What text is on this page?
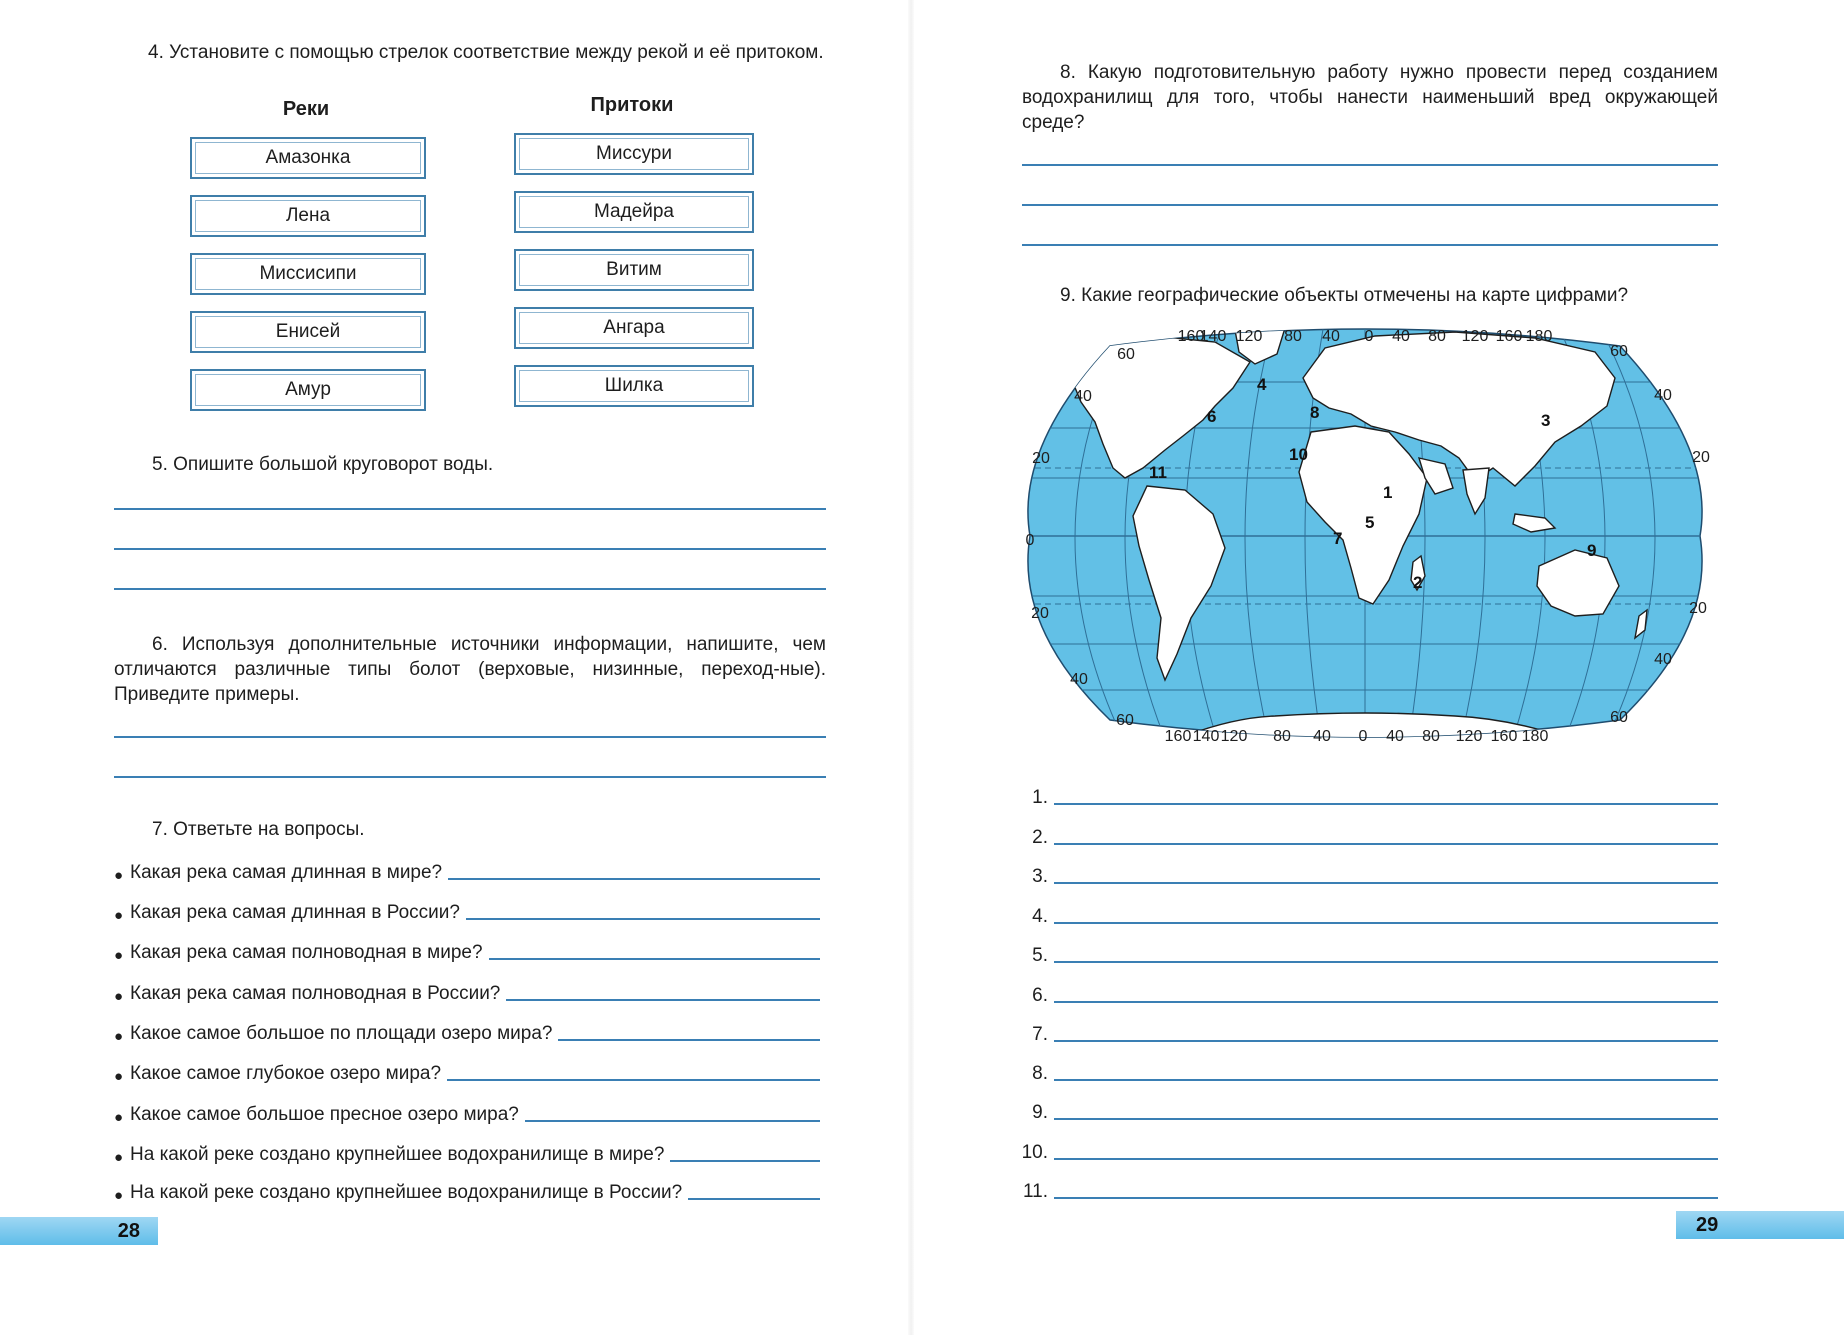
4. Установите с помощью стрелок соответствие между рекой и её притоком.
Реки	Притоки
Амазонка
Лена
Миссисипи
Енисей
Амур
Миссури
Мадейра
Витим
Ангара
Шилка
5. Опишите большой круговорот воды.
6. Используя дополнительные источники информации, напишите, чем отличаются различные типы болот (верховые, низинные, переход-ные). Приведите примеры.
7. Ответьте на вопросы.
● Какая река самая длинная в мире?
● Какая река самая длинная в России?
● Какая река самая полноводная в мире?
● Какая река самая полноводная в России?
● Какое самое большое по площади озеро мира?
● Какое самое глубокое озеро мира?
● Какое самое большое пресное озеро мира?
● На какой реке создано крупнейшее водохранилище в мире?
● На какой реке создано крупнейшее водохранилище в России?
28
8. Какую подготовительную работу нужно провести перед созданием водохранилищ для того, чтобы нанести наименьший вред окружающей среде?
9. Какие географические объекты отмечены на карте цифрами?
4
6	8
10
3
11
1
5
7
2
9
160
140 120 80 40 0 40 80 120 160 180
160 140 120 80 40 0 40 80 120 160 180
60
40
20
0
20
40
60
60
40
20
20
40
60
1.
2.
3.
4.
5.
6.
7.
8.
9.
10.
11.
29
